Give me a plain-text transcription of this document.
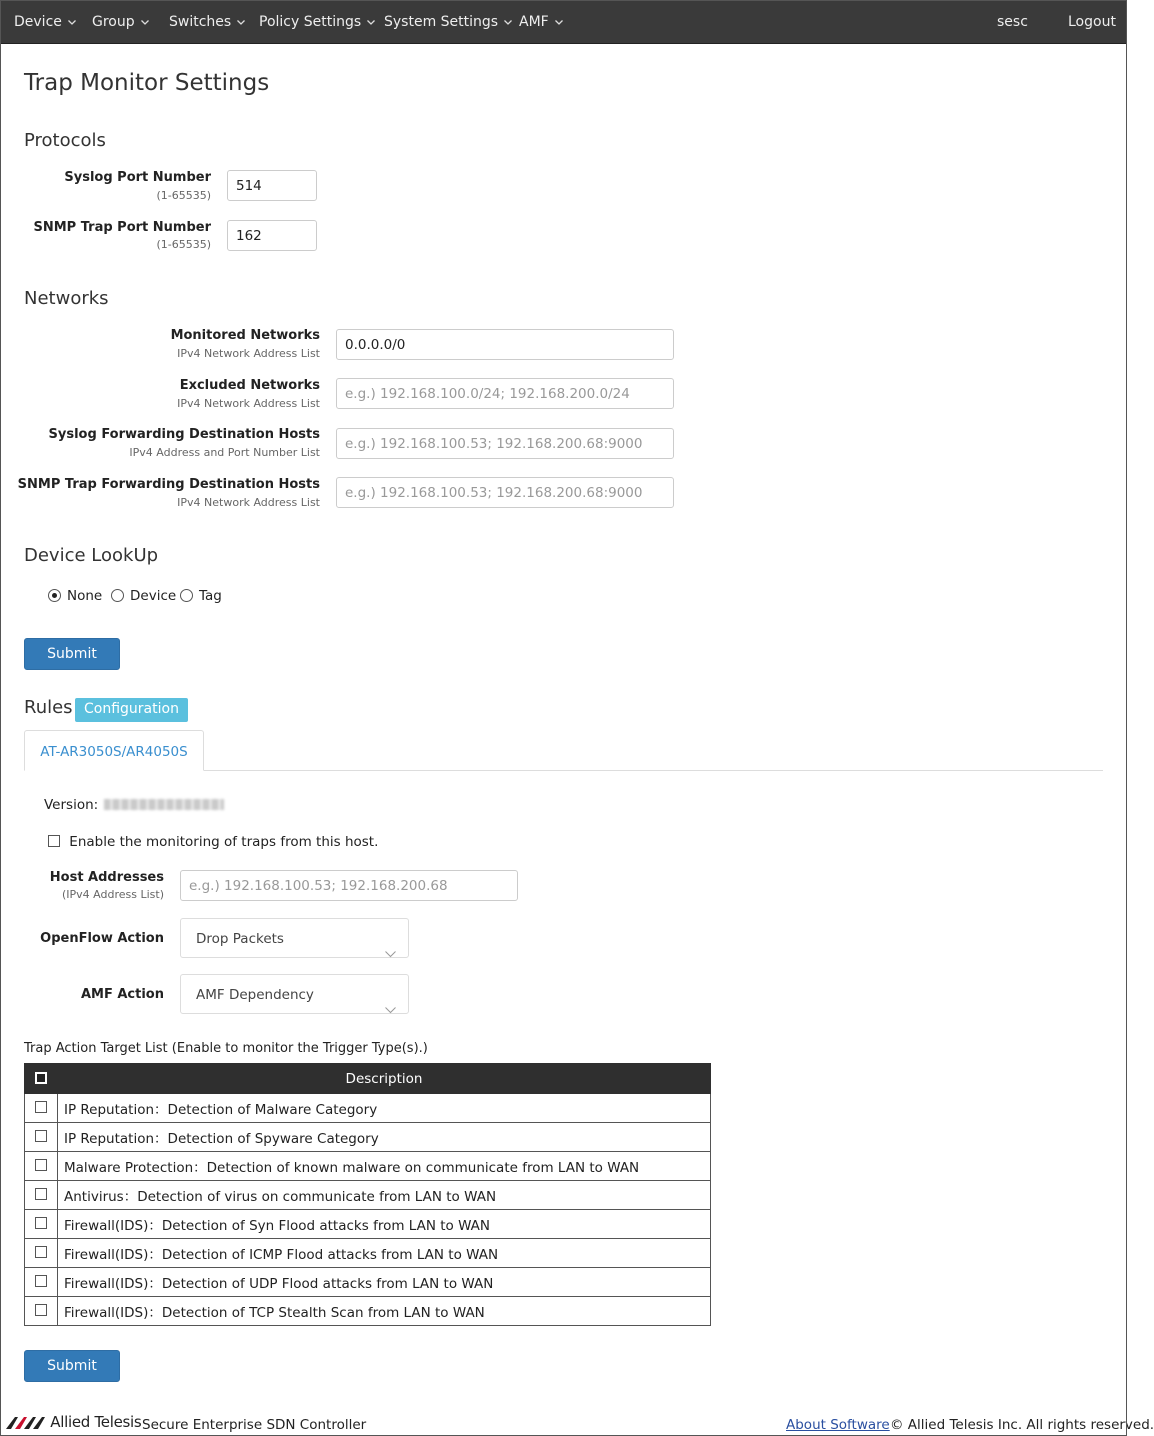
Device	Group	Switches	Policy Settings	System Settings	AMF	sesc	Logout
Trap Monitor Settings
Protocols
Syslog Port Number
(1-65535)
514
SNMP Trap Port Number
(1-65535)
162
Networks
Monitored Networks
IPv4 Network Address List
0.0.0.0/0
Excluded Networks
IPv4 Network Address List
e.g.) 192.168.100.0/24; 192.168.200.0/24
Syslog Forwarding Destination Hosts
IPv4 Address and Port Number List
e.g.) 192.168.100.53; 192.168.200.68:9000
SNMP Trap Forwarding Destination Hosts
IPv4 Network Address List
e.g.) 192.168.100.53; 192.168.200.68:9000
Device LookUp
None	Device	Tag
Submit
Rules Configuration
AT-AR3050S/AR4050S
Version:
Enable the monitoring of traps from this host.
Host Addresses
(IPv4 Address List)
e.g.) 192.168.100.53; 192.168.200.68
OpenFlow Action	Drop Packets
AMF Action	AMF Dependency
Trap Action Target List (Enable to monitor the Trigger Type(s).)
	Description
	IP Reputation：Detection of Malware Category
	IP Reputation：Detection of Spyware Category
	Malware Protection：Detection of known malware on communicate from LAN to WAN
	Antivirus：Detection of virus on communicate from LAN to WAN
	Firewall(IDS)：Detection of Syn Flood attacks from LAN to WAN
	Firewall(IDS)：Detection of ICMP Flood attacks from LAN to WAN
	Firewall(IDS)：Detection of UDP Flood attacks from LAN to WAN
	Firewall(IDS)：Detection of TCP Stealth Scan from LAN to WAN
Submit
Allied Telesis Secure Enterprise SDN Controller	About Software © Allied Telesis Inc. All rights reserved.
